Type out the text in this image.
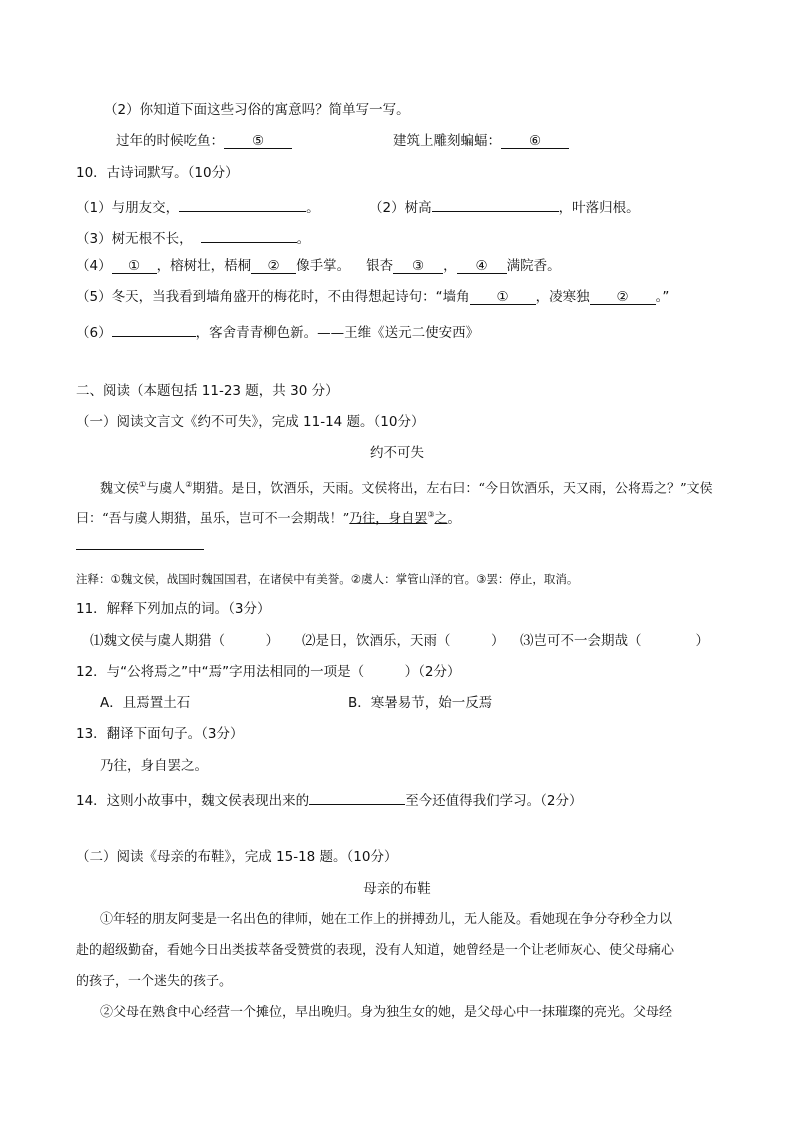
（2）你知道下面这些习俗的寓意吗？简单写一写。
过年的时候吃鱼： ⑤	建筑上雕刻蝙蝠： ⑥
10．古诗词默写。（10分）
（1）与朋友交，	。	（2）树高	，叶落归根。
（3）树无根不长，	。
（4） ① ，榕树壮，梧桐 ② 像手掌。 银杏 ③ ， ④ 满院香。
（5）冬天，当我看到墙角盛开的梅花时，不由得想起诗句：“墙角 ① ，凌寒独 ② 。”
（6）	，客舍青青柳色新。——王维《送元二使安西》
二、阅读（本题包括 11-23 题，共 30 分）
（一）阅读文言文《约不可失》，完成 11-14 题。（10分）
约不可失
魏文侯①与虞人②期猎。是日，饮酒乐，天雨。文侯将出，左右曰：“今日饮酒乐，天又雨，公将焉之？”文侯
曰：“吾与虞人期猎，虽乐，岂可不一会期哉！”乃往，身自罢③之。
注释：①魏文侯，战国时魏国国君，在诸侯中有美誉。②虞人：掌管山泽的官。③罢：停止，取消。
11．解释下列加点的词。（3分）
⑴魏文侯与虞人期猎（　　　） ⑵是日，饮酒乐，天雨（　　　） ⑶岂可不一会期哉（　　　　）
12．与“公将焉之”中“焉”字用法相同的一项是（　　　）（2分）
A．且焉置土石	B．寒暑易节，始一反焉
13．翻译下面句子。（3分）
乃往，身自罢之。
14．这则小故事中，魏文侯表现出来的	至今还值得我们学习。（2分）
（二）阅读《母亲的布鞋》，完成 15-18 题。（10分）
母亲的布鞋
①年轻的朋友阿斐是一名出色的律师，她在工作上的拼搏劲儿，无人能及。看她现在争分夺秒全力以
赴的超级勤奋，看她今日出类拔萃备受赞赏的表现，没有人知道，她曾经是一个让老师灰心、使父母痛心
的孩子，一个迷失的孩子。
②父母在熟食中心经营一个摊位，早出晚归。身为独生女的她，是父母心中一抹璀璨的亮光。父母经
